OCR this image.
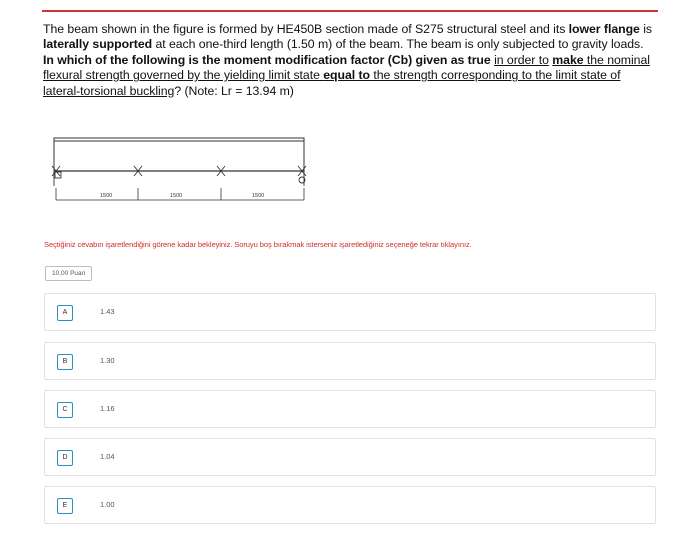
The beam shown in the figure is formed by HE450B section made of S275 structural steel and its lower flange is laterally supported at each one-third length (1.50 m) of the beam. The beam is only subjected to gravity loads. In which of the following is the moment modification factor (Cb) given as true in order to make the nominal flexural strength governed by the yielding limit state equal to the strength corresponding to the limit state of lateral-torsional buckling? (Note: Lr = 13.94 m)
1500	1500	1500
Seçtiğiniz cevabın işaretlendiğini görene kadar bekleyiniz. Soruyu boş bırakmak isterseniz işaretlediğiniz seçeneğe tekrar tıklayınız.
10,00 Puan
A	1.43
B	1.30
C	1.16
D	1.04
E	1.00
